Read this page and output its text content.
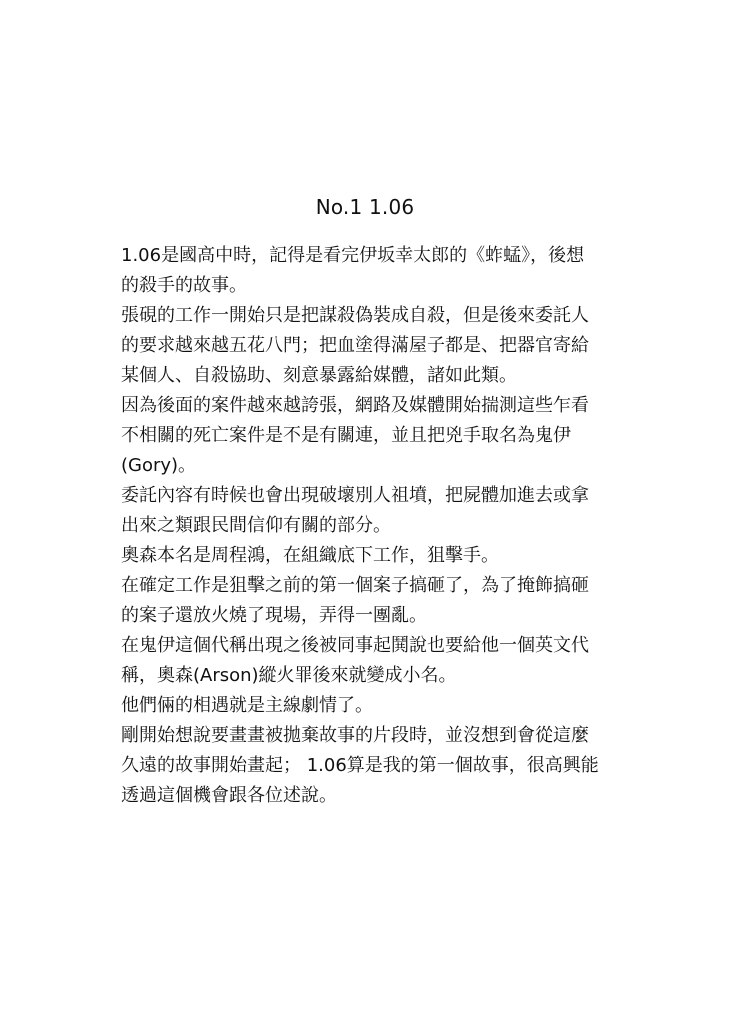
No.1 1.06
1.06是國高中時，記得是看完伊坂幸太郎的《蚱蜢》，後想
的殺手的故事。
張硯的工作一開始只是把謀殺偽裝成自殺，但是後來委託人
的要求越來越五花八門；把血塗得滿屋子都是、把器官寄給
某個人、自殺協助、刻意暴露給媒體，諸如此類。
因為後面的案件越來越誇張，網路及媒體開始揣測這些乍看
不相關的死亡案件是不是有關連，並且把兇手取名為鬼伊
(Gory)。
委託內容有時候也會出現破壞別人祖墳，把屍體加進去或拿
出來之類跟民間信仰有關的部分。
奧森本名是周程鴻，在組織底下工作，狙擊手。
在確定工作是狙擊之前的第一個案子搞砸了，為了掩飾搞砸
的案子還放火燒了現場，弄得一團亂。
在鬼伊這個代稱出現之後被同事起鬨說也要給他一個英文代
稱，奧森(Arson)縱火罪後來就變成小名。
他們倆的相遇就是主線劇情了。
剛開始想說要畫畫被拋棄故事的片段時，並沒想到會從這麼
久遠的故事開始畫起； 1.06算是我的第一個故事，很高興能
透過這個機會跟各位述說。
